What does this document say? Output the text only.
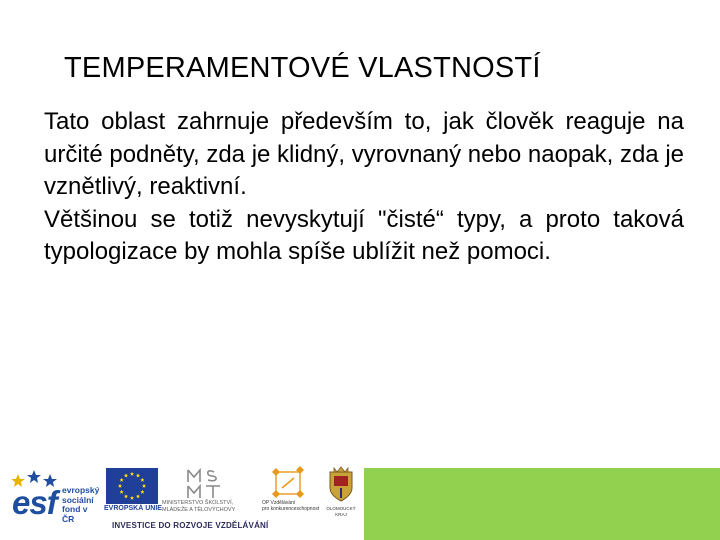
TEMPERAMENTOVÉ VLASTNOSTÍ

Tato oblast zahrnuje především to, jak člověk reaguje na určité podněty, zda je klidný, vyrovnaný nebo naopak, zda je vznětlivý, reaktivní.

Většinou se totiž nevyskytují "čisté“ typy, a proto taková typologizace by mohla spíše ublížit než pomoci.

esf evropský
sociální
fond v ČR
EVROPSKÁ UNIE
MINISTERSTVO ŠKOLSTVÍ,
MLÁDEŽE A TĚLOVÝCHOVY
OP Vzdělávání
pro konkurenceschopnost	OLOMOUCKÝ
KRAJ
INVESTICE DO ROZVOJE VZDĚLÁVÁNÍ
